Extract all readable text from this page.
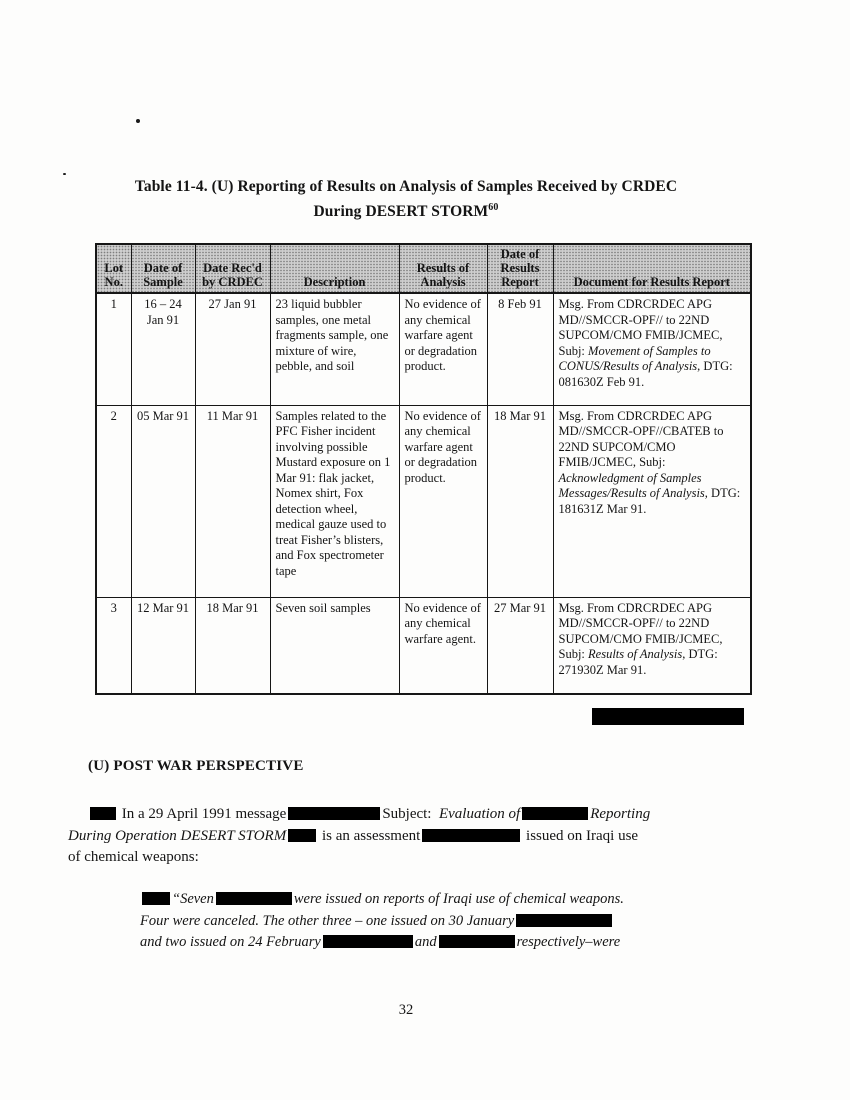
Table 11-4. (U) Reporting of Results on Analysis of Samples Received by CRDEC
During DESERT STORM$^{60}$
Lot No.	Date of Sample	Date Rec'd by CRDEC	Description	Results of Analysis	Date of Results Report	Document for Results Report
1	16 – 24 Jan 91	27 Jan 91	23 liquid bubbler samples, one metal fragments sample, one mixture of wire, pebble, and soil	No evidence of any chemical warfare agent or degradation product.	8 Feb 91	Msg. From CDRCRDEC APG MD//SMCCR-OPF// to 22ND SUPCOM/CMO FMIB/JCMEC, Subj: Movement of Samples to CONUS/Results of Analysis, DTG: 081630Z Feb 91.
2	05 Mar 91	11 Mar 91	Samples related to the PFC Fisher incident involving possible Mustard exposure on 1 Mar 91: flak jacket, Nomex shirt, Fox detection wheel, medical gauze used to treat Fisher’s blisters, and Fox spectrometer tape	No evidence of any chemical warfare agent or degradation product.	18 Mar 91	Msg. From CDRCRDEC APG MD//SMCCR-OPF//CBATEB to 22ND SUPCOM/CMO FMIB/JCMEC, Subj: Acknowledgment of Samples Messages/Results of Analysis, DTG: 181631Z Mar 91.
3	12 Mar 91	18 Mar 91	Seven soil samples	No evidence of any chemical warfare agent.	27 Mar 91	Msg. From CDRCRDEC APG MD//SMCCR-OPF// to 22ND SUPCOM/CMO FMIB/JCMEC, Subj: Results of Analysis, DTG: 271930Z Mar 91.
(U) POST WAR PERSPECTIVE
In a 29 April 1991 message	Subject: Evaluation of	Reporting
During Operation DESERT STORM is an assessment	issued on Iraqi use
of chemical weapons:
“Seven	were issued on reports of Iraqi use of chemical weapons.
Four were canceled. The other three – one issued on 30 January
and two issued on 24 February	and	respectively–were
32
